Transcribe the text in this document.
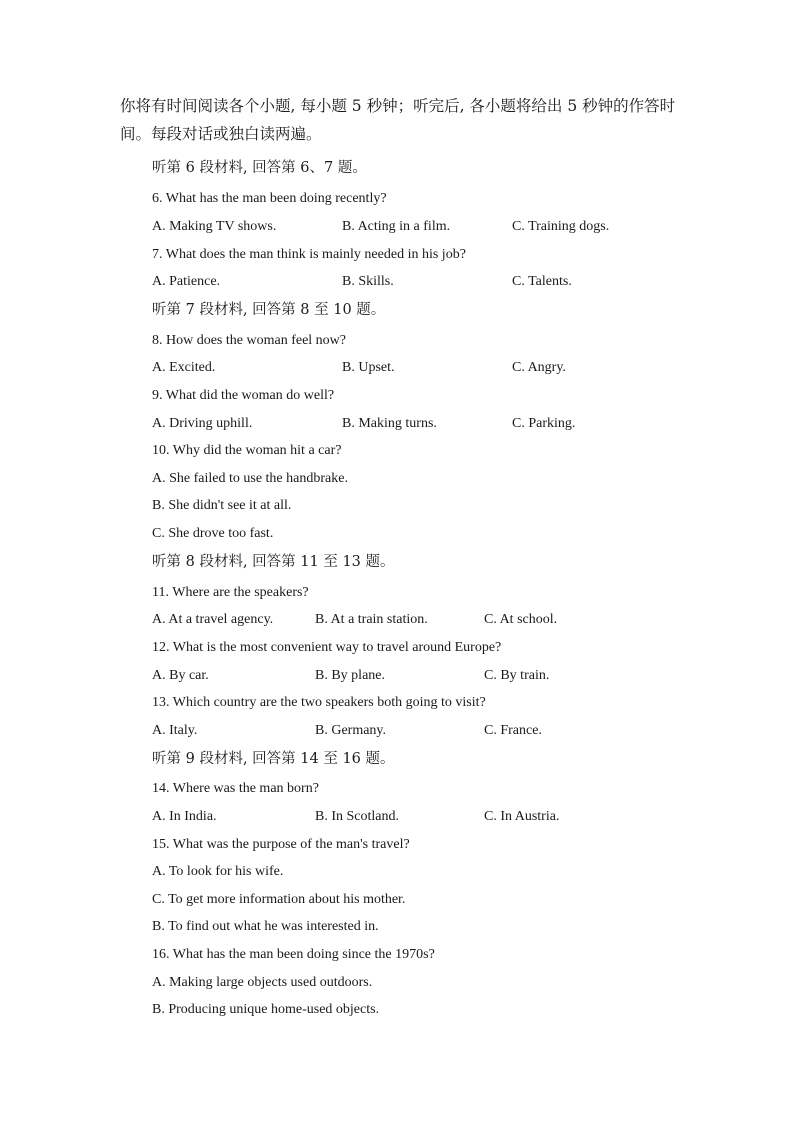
你将有时间阅读各个小题, 每小题 5 秒钟；听完后, 各小题将给出 5 秒钟的作答时间。每段对话或独白读两遍。
听第 6 段材料, 回答第 6、7 题。
6. What has the man been doing recently?
A. Making TV shows.	B. Acting in a film.	C. Training dogs.
7. What does the man think is mainly needed in his job?
A. Patience.	B. Skills.	C. Talents.
听第 7 段材料, 回答第 8 至 10 题。
8. How does the woman feel now?
A. Excited.	B. Upset.	C. Angry.
9. What did the woman do well?
A. Driving uphill.	B. Making turns.	C. Parking.
10. Why did the woman hit a car?
A. She failed to use the handbrake.
B. She didn't see it at all.
C. She drove too fast.
听第 8 段材料, 回答第 11 至 13 题。
11. Where are the speakers?
A. At a travel agency.	B. At a train station.	C. At school.
12. What is the most convenient way to travel around Europe?
A. By car.	B. By plane.	C. By train.
13. Which country are the two speakers both going to visit?
A. Italy.	B. Germany.	C. France.
听第 9 段材料, 回答第 14 至 16 题。
14. Where was the man born?
A. In India.	B. In Scotland.	C. In Austria.
15. What was the purpose of the man's travel?
A. To look for his wife.
C. To get more information about his mother.
B. To find out what he was interested in.
16. What has the man been doing since the 1970s?
A. Making large objects used outdoors.
B. Producing unique home-used objects.
